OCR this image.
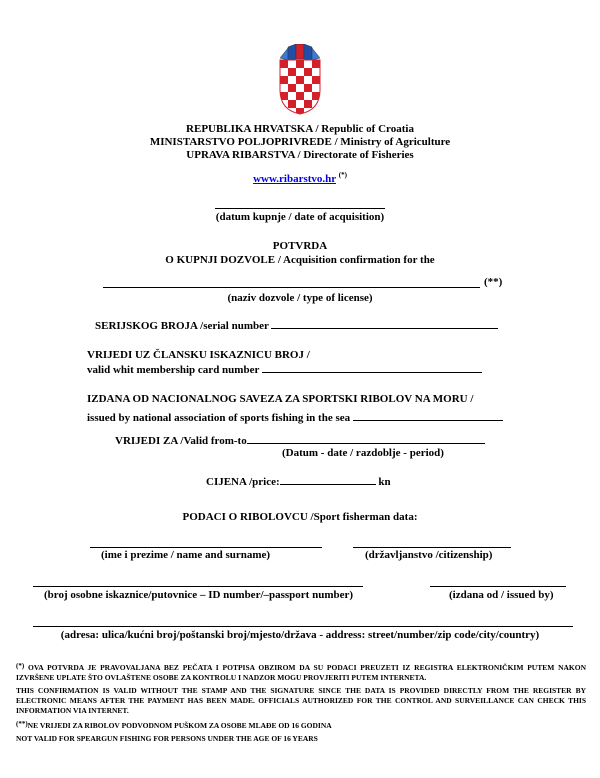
REPUBLIKA HRVATSKA / Republic of Croatia
MINISTARSTVO POLJOPRIVREDE / Ministry of Agriculture
UPRAVA RIBARSTVA / Directorate of Fisheries
www.ribarstvo.hr (*)
(datum kupnje / date of acquisition)
POTVRDA
O KUPNJI DOZVOLE / Acquisition confirmation for the
(**)
(naziv dozvole / type of license)
SERIJSKOG BROJA /serial number
VRIJEDI UZ ČLANSKU ISKAZNICU BROJ /
valid whit membership card number
IZDANA OD NACIONALNOG SAVEZA ZA SPORTSKI RIBOLOV NA MORU /
issued by national association of sports fishing in the sea
VRIJEDI ZA /Valid from-to
(Datum - date / razdoblje - period)
CIJENA /price:	kn
PODACI O RIBOLOVCU /Sport fisherman data:
(ime i prezime / name and surname)	(državljanstvo /citizenship)
(broj osobne iskaznice/putovnice – ID number/–passport number)	(izdana od / issued by)
(adresa: ulica/kućni broj/poštanski broj/mjesto/država - address: street/number/zip code/city/country)

(*) OVA POTVRDA JE PRAVOVALJANA BEZ PEČATA I POTPISA OBZIROM DA SU PODACI PREUZETI IZ REGISTRA ELEKTRONIČKIM PUTEM NAKON IZVRŠENE UPLATE ŠTO OVLAŠTENE OSOBE ZA KONTROLU I NADZOR MOGU PROVJERITI PUTEM INTERNETA.

THIS CONFIRMATION IS VALID WITHOUT THE STAMP AND THE SIGNATURE SINCE THE DATA IS PROVIDED DIRECTLY FROM THE REGISTER BY ELECTRONIC MEANS AFTER THE PAYMENT HAS BEEN MADE. OFFICIALS AUTHORIZED FOR THE CONTROL AND SURVEILLANCE CAN CHECK THIS INFORMATION VIA INTERNET.

(**)NE VRIJEDI ZA RIBOLOV PODVODNOM PUŠKOM ZA OSOBE MLAĐE OD 16 GODINA

NOT VALID FOR SPEARGUN FISHING FOR PERSONS UNDER THE AGE OF 16 YEARS
